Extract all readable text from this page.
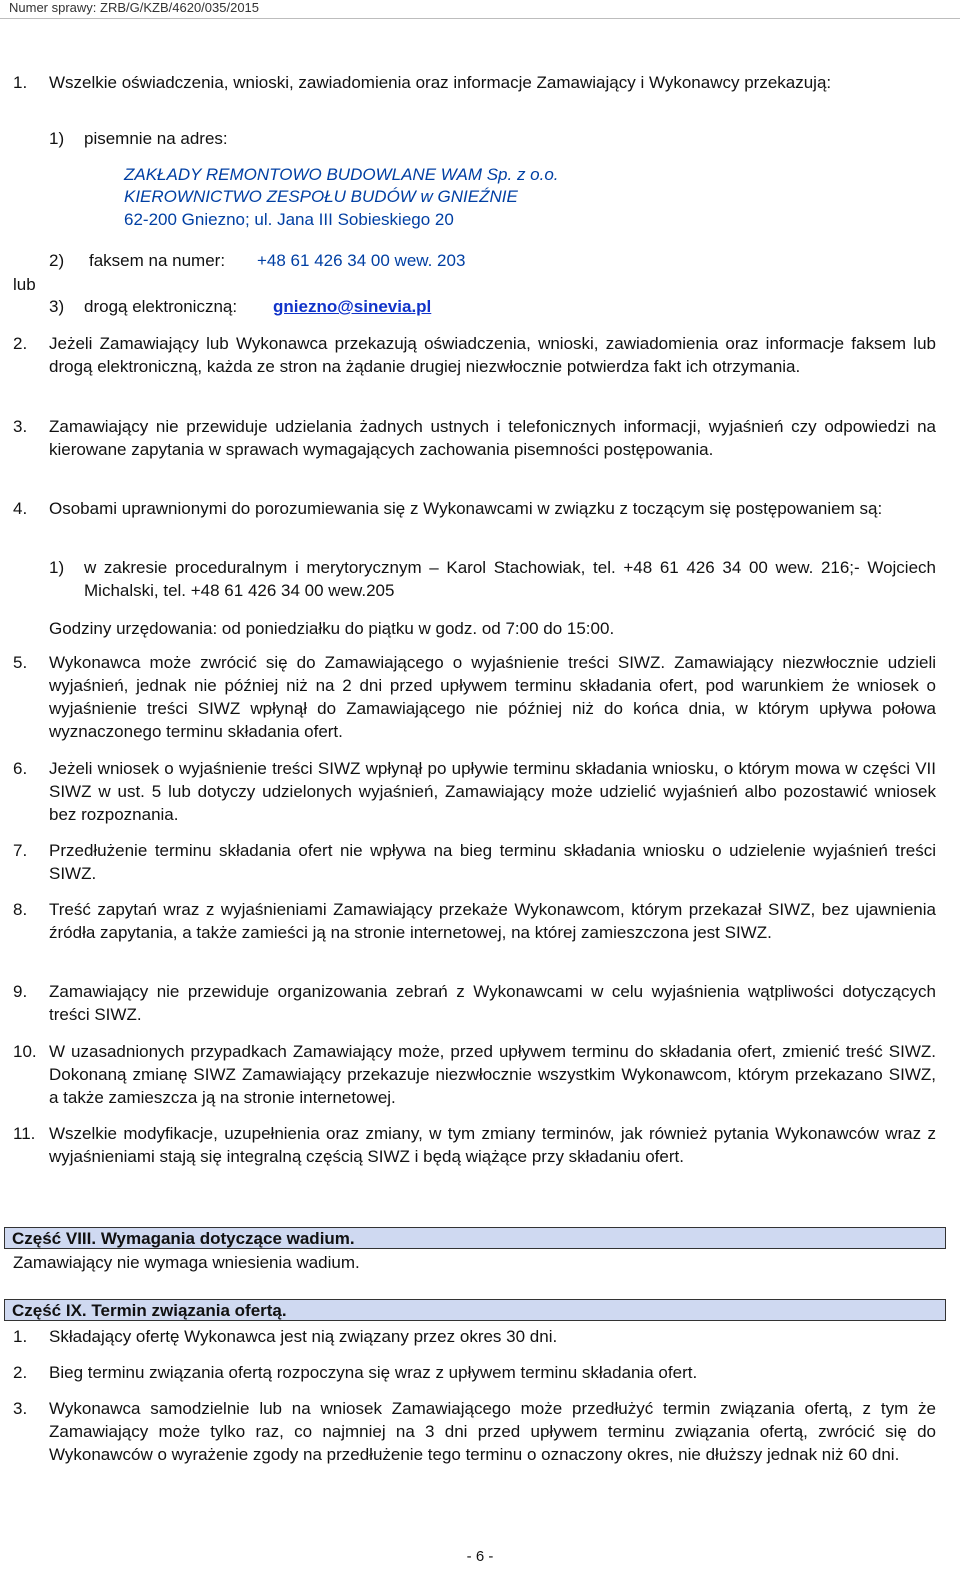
Numer sprawy: ZRB/G/KZB/4620/035/2015
1. Wszelkie oświadczenia, wnioski, zawiadomienia oraz informacje Zamawiający i Wykonawcy przekazują:
1) pisemnie na adres:
ZAKŁADY REMONTOWO BUDOWLANE WAM Sp. z o.o.
KIEROWNICTWO ZESPOŁU BUDÓW w GNIEŹNIE
62-200 Gniezno; ul. Jana III Sobieskiego 20
2) faksem na numer: +48 61 426 34 00 wew. 203
lub
3) drogą elektroniczną: gniezno@sinevia.pl
2. Jeżeli Zamawiający lub Wykonawca przekazują oświadczenia, wnioski, zawiadomienia oraz informacje faksem lub drogą elektroniczną, każda ze stron na żądanie drugiej niezwłocznie potwierdza fakt ich otrzymania.
3. Zamawiający nie przewiduje udzielania żadnych ustnych i telefonicznych informacji, wyjaśnień czy odpowiedzi na kierowane zapytania w sprawach wymagających zachowania pisemności postępowania.
4. Osobami uprawnionymi do porozumiewania się z Wykonawcami w związku z toczącym się postępowaniem są:
1) w zakresie proceduralnym i merytorycznym – Karol Stachowiak, tel. +48 61 426 34 00 wew. 216;- Wojciech Michalski, tel. +48 61 426 34 00 wew.205
Godziny urzędowania: od poniedziałku do piątku w godz. od 7:00 do 15:00.
5. Wykonawca może zwrócić się do Zamawiającego o wyjaśnienie treści SIWZ. Zamawiający niezwłocznie udzieli wyjaśnień, jednak nie później niż na 2 dni przed upływem terminu składania ofert, pod warunkiem że wniosek o wyjaśnienie treści SIWZ wpłynął do Zamawiającego nie później niż do końca dnia, w którym upływa połowa wyznaczonego terminu składania ofert.
6. Jeżeli wniosek o wyjaśnienie treści SIWZ wpłynął po upływie terminu składania wniosku, o którym mowa w części VII SIWZ w ust. 5 lub dotyczy udzielonych wyjaśnień, Zamawiający może udzielić wyjaśnień albo pozostawić wniosek bez rozpoznania.
7. Przedłużenie terminu składania ofert nie wpływa na bieg terminu składania wniosku o udzielenie wyjaśnień treści SIWZ.
8. Treść zapytań wraz z wyjaśnieniami Zamawiający przekaże Wykonawcom, którym przekazał SIWZ, bez ujawnienia źródła zapytania, a także zamieści ją na stronie internetowej, na której zamieszczona jest SIWZ.
9. Zamawiający nie przewiduje organizowania zebrań z Wykonawcami w celu wyjaśnienia wątpliwości dotyczących treści SIWZ.
10. W uzasadnionych przypadkach Zamawiający może, przed upływem terminu do składania ofert, zmienić treść SIWZ. Dokonaną zmianę SIWZ Zamawiający przekazuje niezwłocznie wszystkim Wykonawcom, którym przekazano SIWZ, a także zamieszcza ją na stronie internetowej.
11. Wszelkie modyfikacje, uzupełnienia oraz zmiany, w tym zmiany terminów, jak również pytania Wykonawców wraz z wyjaśnieniami stają się integralną częścią SIWZ i będą wiążące przy składaniu ofert.
Część VIII. Wymagania dotyczące wadium.
Zamawiający nie wymaga wniesienia wadium.
Część IX. Termin związania ofertą.
1. Składający ofertę Wykonawca jest nią związany przez okres 30 dni.
2. Bieg terminu związania ofertą rozpoczyna się wraz z upływem terminu składania ofert.
3. Wykonawca samodzielnie lub na wniosek Zamawiającego może przedłużyć termin związania ofertą, z tym że Zamawiający może tylko raz, co najmniej na 3 dni przed upływem terminu związania ofertą, zwrócić się do Wykonawców o wyrażenie zgody na przedłużenie tego terminu o oznaczony okres, nie dłuższy jednak niż 60 dni.
- 6 -
